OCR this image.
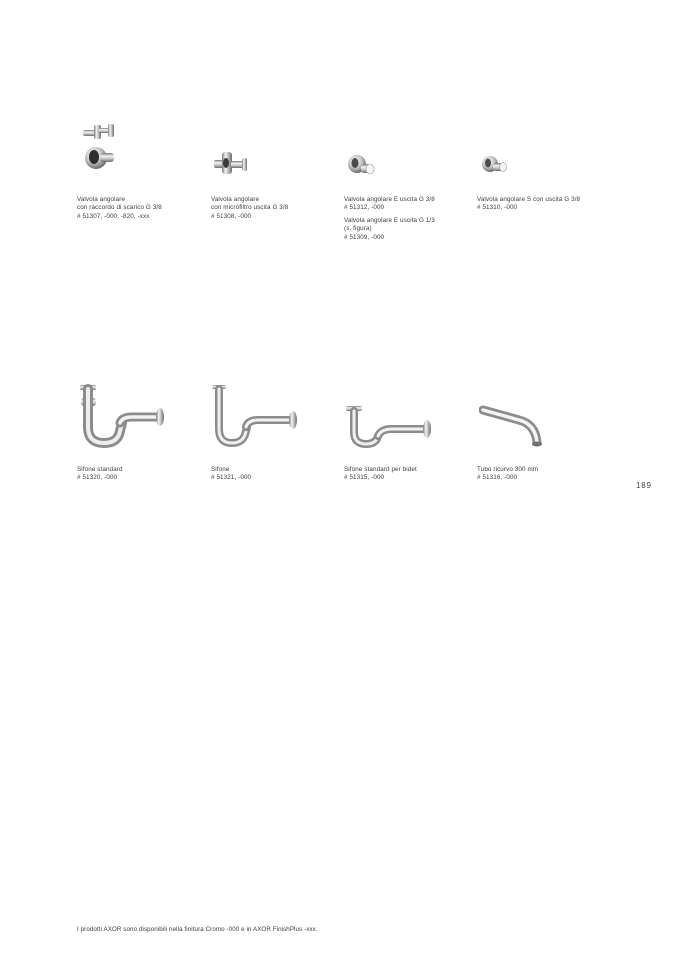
Valvola angolare
con raccordo di scarico G 3/8
# 51307, -000, -820, -xxx
Valvola angolare
con microfiltro uscita G 3/8
# 51308, -000
Valvola angolare E uscita G 3/8
# 51312, -000
Valvola angolare E uscita G 1/3
(s. figura)
# 51309, -000
Valvola angolare S con uscita G 3/8
# 51310, -000
Sifone standard
# 51320, -000
Sifone
# 51321, -000
Sifone standard per bidet
# 51315, -000
Tubo ricurvo 300 mm
# 51316, -000
189
I prodotti AXOR sono disponibili nella finitura Cromo -000 e in AXOR FinishPlus -xxx.
